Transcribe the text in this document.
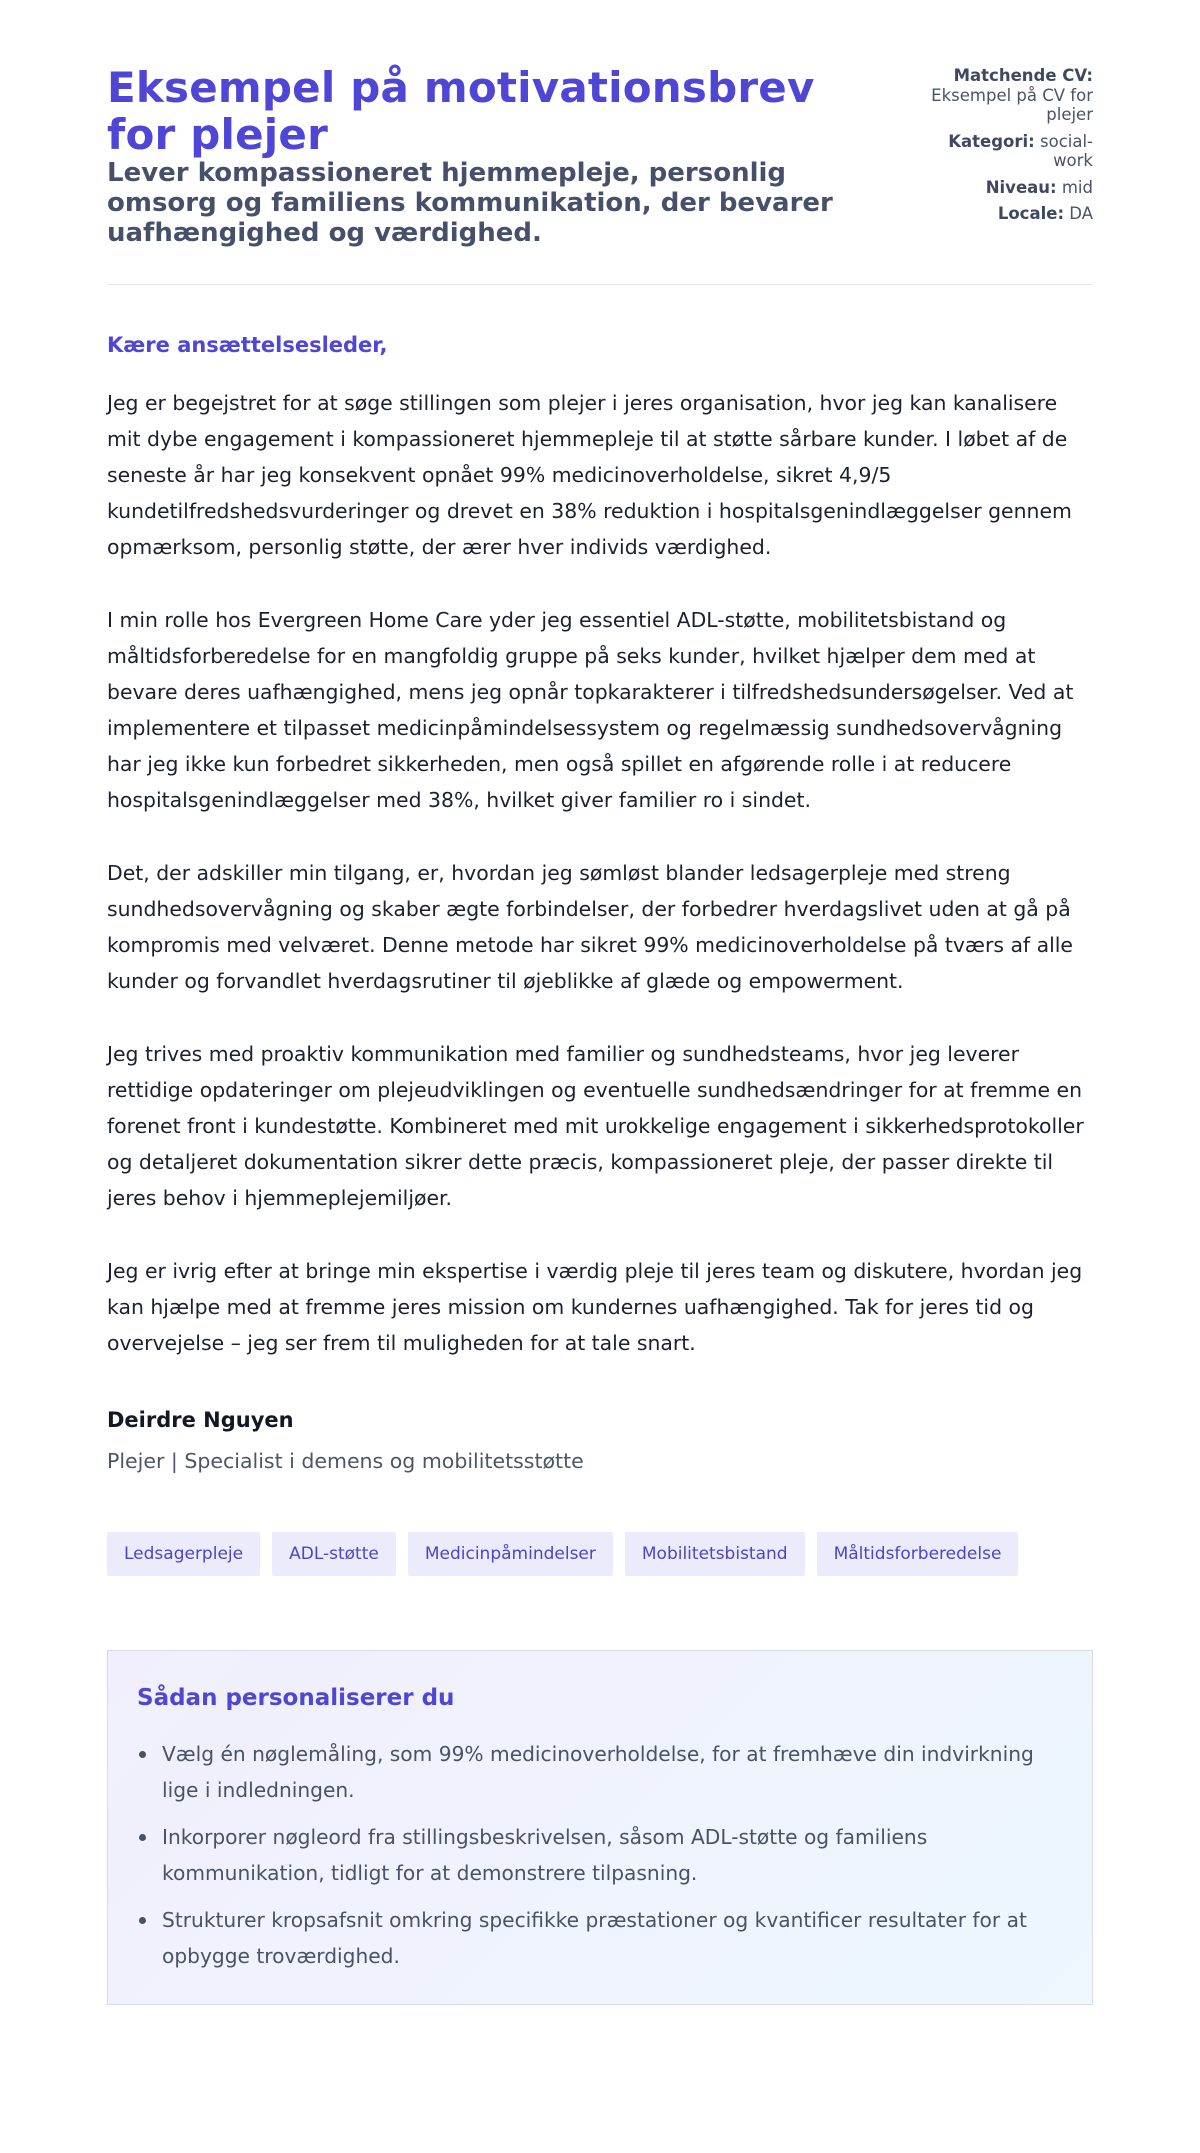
Eksempel på motivationsbrev for plejer
Lever kompassioneret hjemmepleje, personlig omsorg og familiens kommunikation, der bevarer uafhængighed og værdighed.
Matchende CV: Eksempel på CV for plejer
Kategori: social-work
Niveau: mid
Locale: DA

Kære ansættelsesleder,

Jeg er begejstret for at søge stillingen som plejer i jeres organisation, hvor jeg kan kanalisere mit dybe engagement i kompassioneret hjemmepleje til at støtte sårbare kunder. I løbet af de seneste år har jeg konsekvent opnået 99% medicinoverholdelse, sikret 4,9/5 kundetilfredshedsvurderinger og drevet en 38% reduktion i hospitalsgenindlæggelser gennem opmærksom, personlig støtte, der ærer hver individs værdighed.

I min rolle hos Evergreen Home Care yder jeg essentiel ADL-støtte, mobilitetsbistand og måltidsforberedelse for en mangfoldig gruppe på seks kunder, hvilket hjælper dem med at bevare deres uafhængighed, mens jeg opnår topkarakterer i tilfredshedsundersøgelser. Ved at implementere et tilpasset medicinpåmindelsessystem og regelmæssig sundhedsovervågning har jeg ikke kun forbedret sikkerheden, men også spillet en afgørende rolle i at reducere hospitalsgenindlæggelser med 38%, hvilket giver familier ro i sindet.

Det, der adskiller min tilgang, er, hvordan jeg sømløst blander ledsagerpleje med streng sundhedsovervågning og skaber ægte forbindelser, der forbedrer hverdagslivet uden at gå på kompromis med velværet. Denne metode har sikret 99% medicinoverholdelse på tværs af alle kunder og forvandlet hverdagsrutiner til øjeblikke af glæde og empowerment.

Jeg trives med proaktiv kommunikation med familier og sundhedsteams, hvor jeg leverer rettidige opdateringer om plejeudviklingen og eventuelle sundhedsændringer for at fremme en forenet front i kundestøtte. Kombineret med mit urokkelige engagement i sikkerhedsprotokoller og detaljeret dokumentation sikrer dette præcis, kompassioneret pleje, der passer direkte til jeres behov i hjemmeplejemiljøer.

Jeg er ivrig efter at bringe min ekspertise i værdig pleje til jeres team og diskutere, hvordan jeg kan hjælpe med at fremme jeres mission om kundernes uafhængighed. Tak for jeres tid og overvejelse – jeg ser frem til muligheden for at tale snart.

Deirdre Nguyen

Plejer | Specialist i demens og mobilitetsstøtte

Ledsagerpleje	ADL-støtte	Medicinpåmindelser	Mobilitetsbistand	Måltidsforberedelse
Sådan personaliserer du
Vælg én nøglemåling, som 99% medicinoverholdelse, for at fremhæve din indvirkning lige i indledningen.
Inkorporer nøgleord fra stillingsbeskrivelsen, såsom ADL-støtte og familiens kommunikation, tidligt for at demonstrere tilpasning.
Strukturer kropsafsnit omkring specifikke præstationer og kvantificer resultater for at opbygge troværdighed.
